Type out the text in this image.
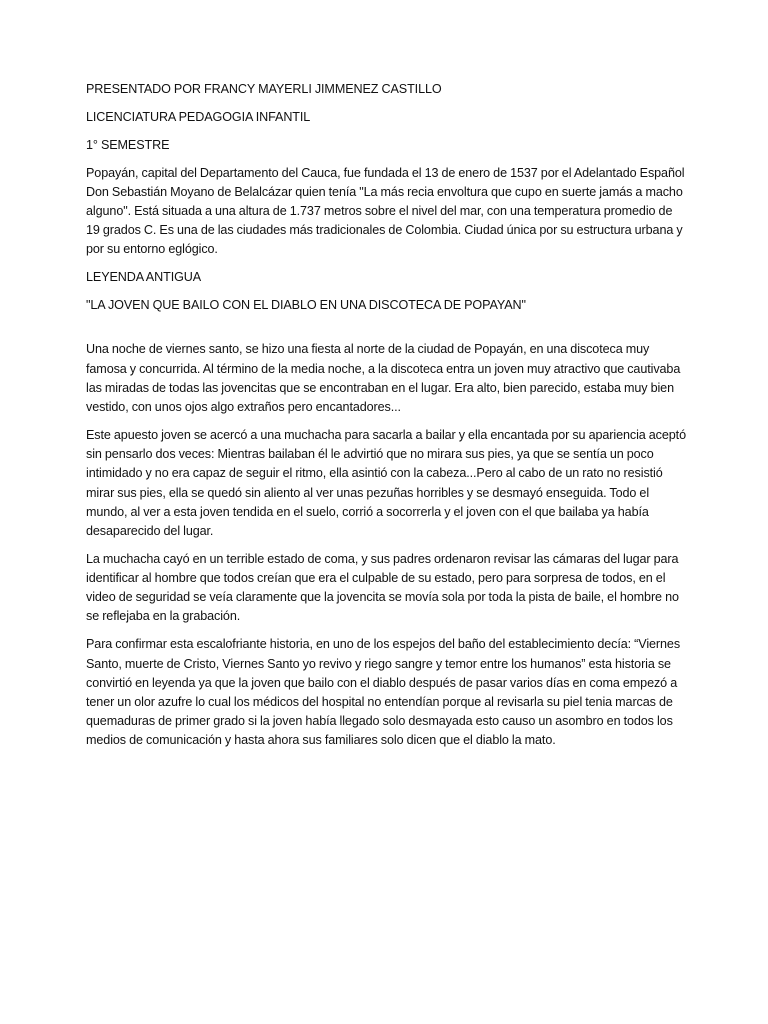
PRESENTADO POR FRANCY MAYERLI JIMMENEZ CASTILLO

LICENCIATURA PEDAGOGIA INFANTIL

1° SEMESTRE

Popayán, capital del Departamento del Cauca, fue fundada el 13 de enero de 1537 por el Adelantado Español Don Sebastián Moyano de Belalcázar quien tenía "La más recia envoltura que cupo en suerte jamás a macho alguno". Está situada a una altura de 1.737 metros sobre el nivel del mar, con una temperatura promedio de 19 grados C. Es una de las ciudades más tradicionales de Colombia. Ciudad única por su estructura urbana y por su entorno eglógico.

LEYENDA ANTIGUA

"LA JOVEN QUE BAILO CON EL DIABLO EN UNA DISCOTECA DE POPAYAN"

Una noche de viernes santo, se hizo una fiesta al norte de la ciudad de Popayán, en una discoteca muy famosa y concurrida. Al término de la media noche, a la discoteca entra un joven muy atractivo que cautivaba las miradas de todas las jovencitas que se encontraban en el lugar. Era alto, bien parecido, estaba muy bien vestido, con unos ojos algo extraños pero encantadores...

Este apuesto joven se acercó a una muchacha para sacarla a bailar y ella encantada por su apariencia aceptó sin pensarlo dos veces: Mientras bailaban él le advirtió que no mirara sus pies, ya que se sentía un poco intimidado y no era capaz de seguir el ritmo, ella asintió con la cabeza...Pero al cabo de un rato no resistió mirar sus pies, ella se quedó sin aliento al ver unas pezuñas horribles y se desmayó enseguida. Todo el mundo, al ver a esta joven tendida en el suelo, corrió a socorrerla y el joven con el que bailaba ya había desaparecido del lugar.

La muchacha cayó en un terrible estado de coma, y sus padres ordenaron revisar las cámaras del lugar para identificar al hombre que todos creían que era el culpable de su estado, pero para sorpresa de todos, en el video de seguridad se veía claramente que la jovencita se movía sola por toda la pista de baile, el hombre no se reflejaba en la grabación.

Para confirmar esta escalofriante historia, en uno de los espejos del baño del establecimiento decía: “Viernes Santo, muerte de Cristo, Viernes Santo yo revivo y riego sangre y temor entre los humanos” esta historia se convirtió en leyenda ya que la joven que bailo con el diablo después de pasar varios días en coma empezó a tener un olor azufre lo cual los médicos del hospital no entendían porque al revisarla su piel tenia marcas de quemaduras de primer grado si la joven había llegado solo desmayada esto causo un asombro en todos los medios de comunicación y hasta ahora sus familiares solo dicen que el diablo la mato.
